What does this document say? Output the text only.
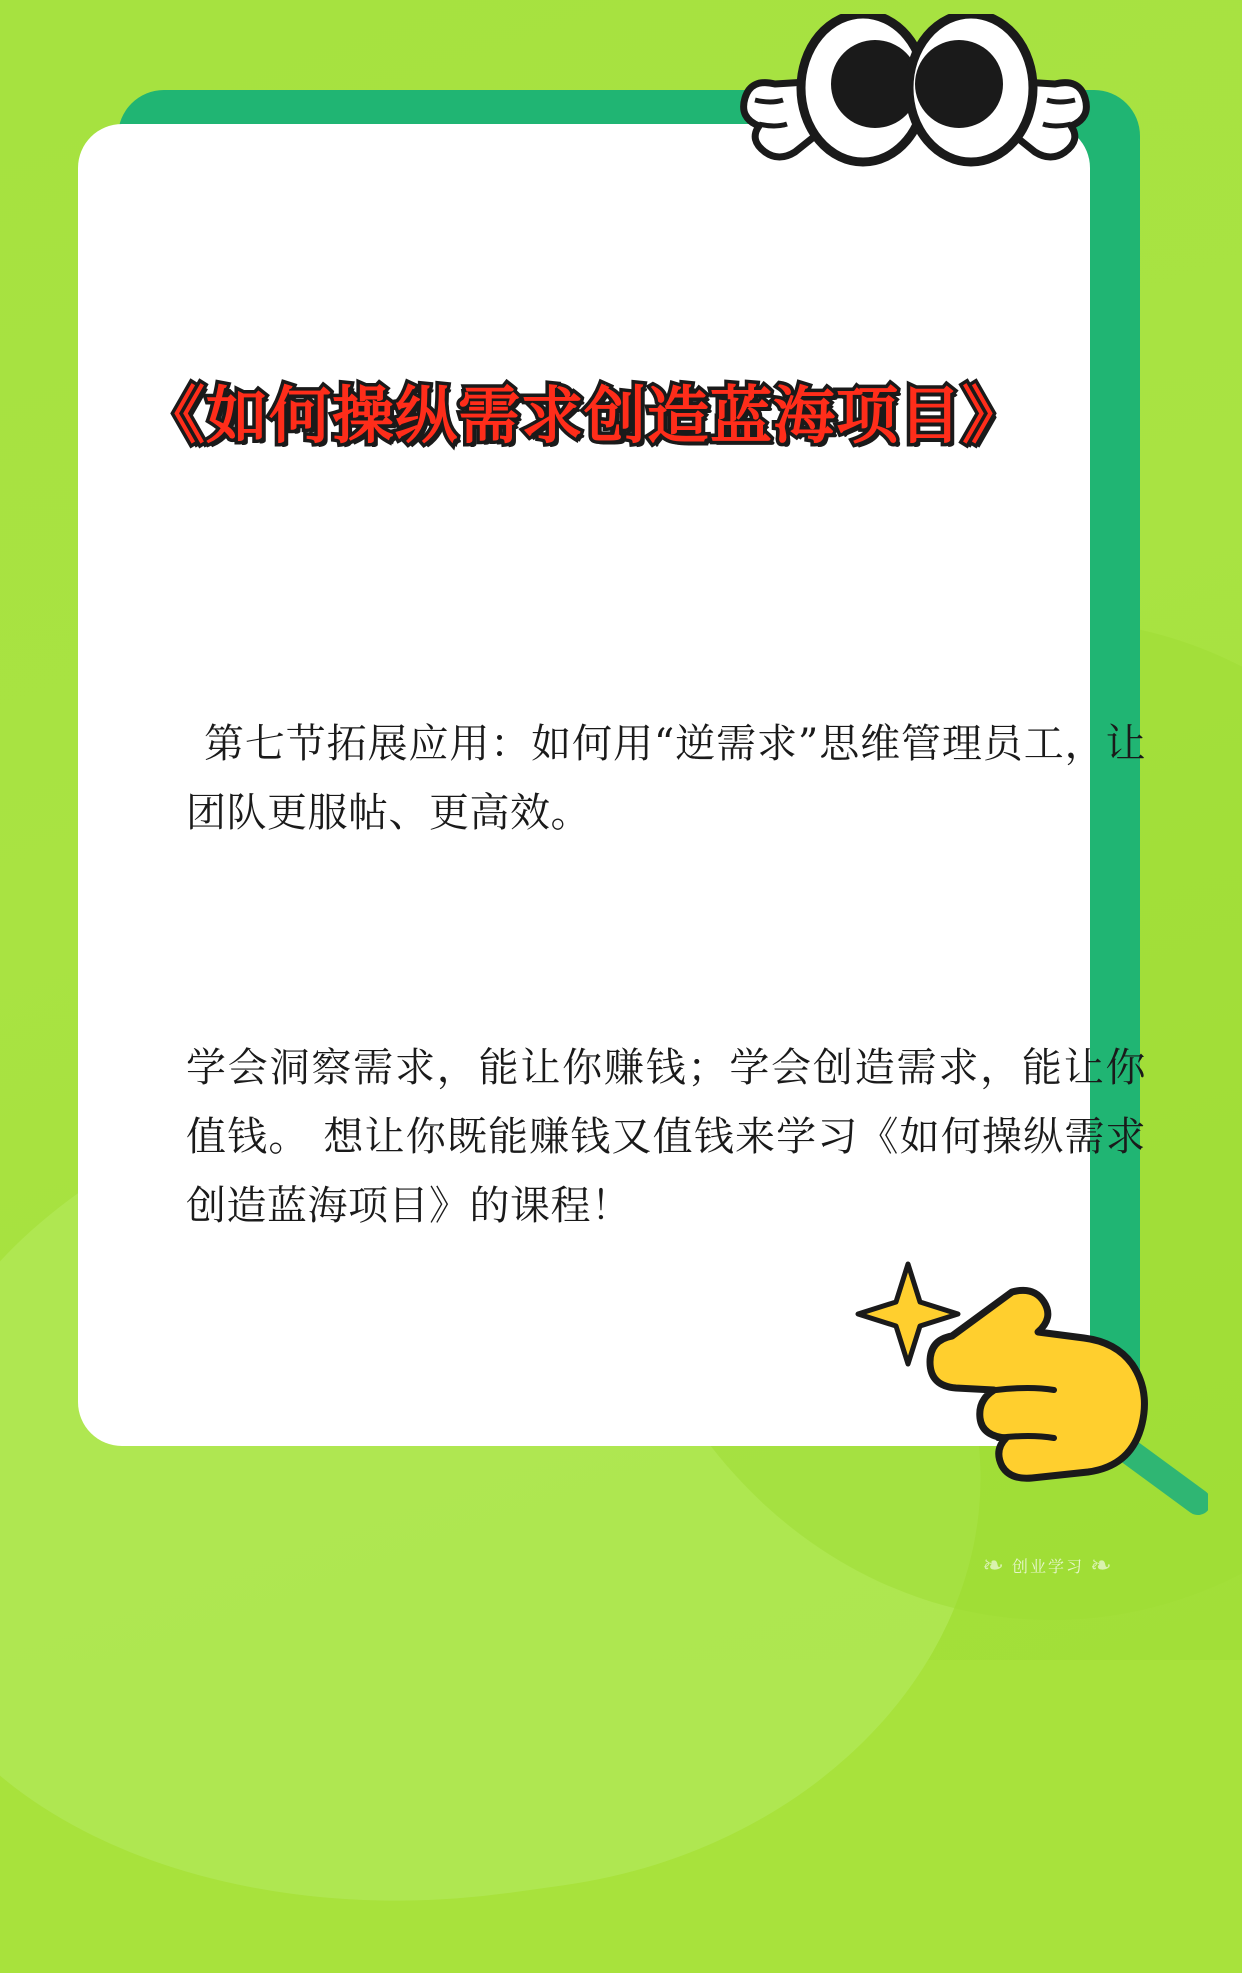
《如何操纵需求创造蓝海项目》
第七节拓展应用：如何用“逆需求”思维管理员工，让团队更服帖、更高效。
学会洞察需求，能让你赚钱；学会创造需求，能让你值钱。 想让你既能赚钱又值钱来学习《如何操纵需求创造蓝海项目》的课程！
❧ 创业学习 ❧
